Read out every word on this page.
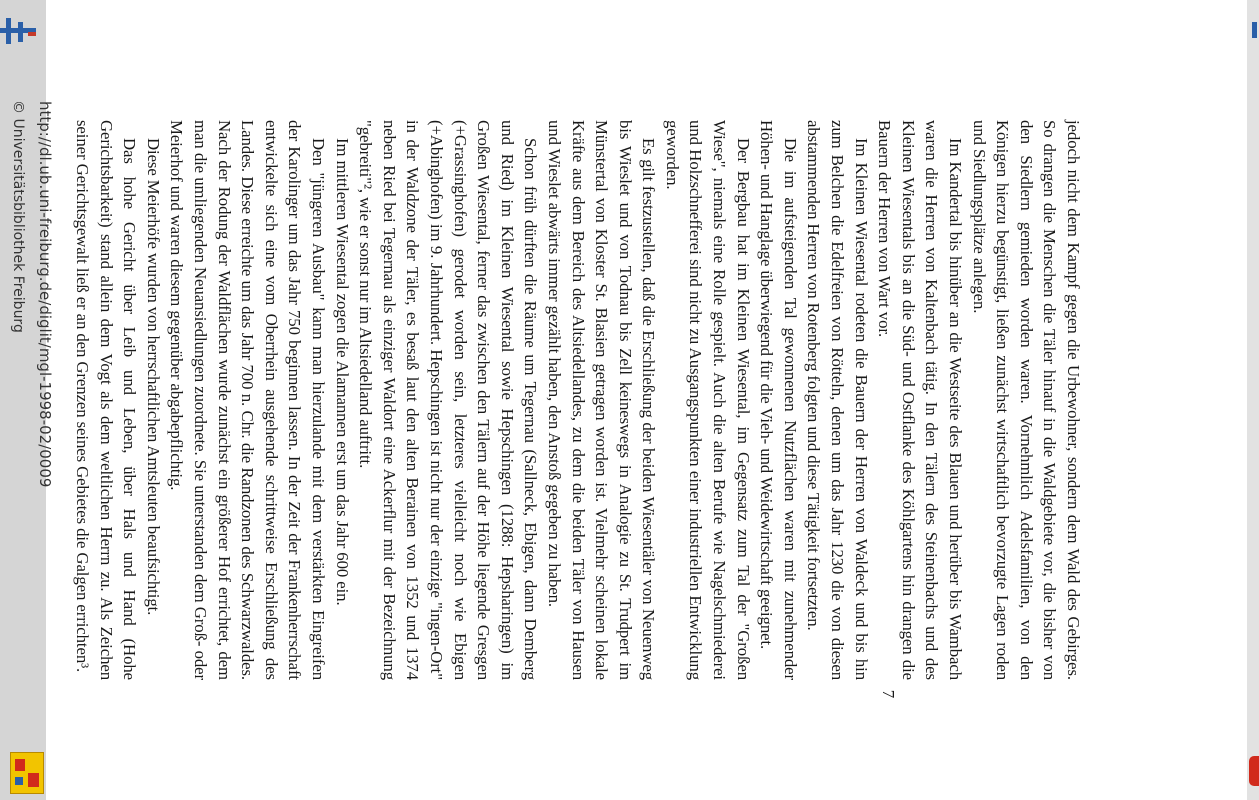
http://dl.ub.uni-freiburg.de/diglit/mgl-1998-02/0009
© Universitätsbibliothek Freiburg	jedoch nicht dem Kampf gegen die Urbewohner, sondern dem Wald des Gebirges. So drangen die Menschen die Täler hinauf in die Waldgebiete vor, die bisher von den Siedlern gemieden worden waren. Vornehmlich Adelsfamilien, von den Königen hierzu begünstigt, ließen zunächst wirtschaftlich bevorzugte Lagen roden und Siedlungsplätze anlegen.

Im Kandertal bis hinüber an die Westseite des Blauen und herüber bis Wambach waren die Herren von Kaltenbach tätig. In den Tälern des Steinenbachs und des Kleinen Wiesentals bis an die Süd- und Ostflanke des Köhlgartens hin drangen die Bauern der Herren von Wart vor.

Im Kleinen Wiesental rodeten die Bauern der Herren von Waldeck und bis hin zum Belchen die Edelfreien von Rötteln, denen um das Jahr 1230 die von diesen abstammenden Herren von Rotenberg folgten und diese Tätigkeit fortsetzten.

Die im aufsteigenden Tal gewonnenen Nutzflächen waren mit zunehmender Höhen- und Hanglage überwiegend für die Vieh- und Weidewirtschaft geeignet.

Der Bergbau hat im Kleinen Wiesental, im Gegensatz zum Tal der "Großen Wiese", niemals eine Rolle gespielt. Auch die alten Berufe wie Nagelschmiederei und Holzschnefferei sind nicht zu Ausgangspunkten einer industriellen Entwicklung geworden.

Es gilt festzustellen, daß die Erschließung der beiden Wiesentäler von Neuenweg bis Wieslet und von Todnau bis Zell keineswegs in Analogie zu St. Trudpert im Münstertal von Kloster St. Blasien getragen worden ist. Vielmehr scheinen lokale Kräfte aus dem Bereich des Altsiedellandes, zu dem die beiden Täler von Hausen und Wieslet abwärts immer gezählt haben, den Anstoß gegeben zu haben.

Schon früh dürften die Räume um Tegernau (Sallneck, Ebigen, dann Demberg und Ried) im Kleinen Wiesental sowie Hepschingen (1288: Hepsharingen) im Großen Wiesental, ferner das zwischen den Tälern auf der Höhe liegende Gresgen (+Grassinghofen) gerodet worden sein, letzteres vielleicht noch wie Ebigen (+Abinghofen) im 9. Jahrhundert. Hepschingen ist nicht nur der einzige "ingen-Ort" in der Waldzone der Täler, es besaß laut den alten Berainen von 1352 und 1374 neben Ried bei Tegernau als einziger Waldort eine Ackerflur mit der Bezeichnung "gebreiti"², wie er sonst nur im Altsiedelland auftritt.

Im mittleren Wiesental zogen die Alamannen erst um das Jahr 600 ein.

Den "jüngeren Ausbau" kann man hierzulande mit dem verstärkten Eingreifen der Karolinger um das Jahr 750 beginnen lassen. In der Zeit der Frankenherrschaft entwickelte sich eine vom Oberrhein ausgehende schrittweise Erschließung des Landes. Diese erreichte um das Jahr 700 n. Chr. die Randzonen des Schwarzwaldes. Nach der Rodung der Waldflächen wurde zunächst ein größerer Hof errichtet, dem man die umliegenden Neuansiedlungen zuordnete. Sie unterstanden dem Groß- oder Meierhof und waren diesem gegenüber abgabepflichtig.

Diese Meierhöfe wurden von herrschaftlichen Amtsleuten beaufsichtigt.

Das hohe Gericht über Leib und Leben, über Hals und Hand (Hohe Gerichtsbarkeit) stand allein dem Vogt als dem weltlichen Herrn zu. Als Zeichen seiner Gerichtsgewalt ließ er an den Grenzen seines Gebietes die Galgen errichten³.

7
